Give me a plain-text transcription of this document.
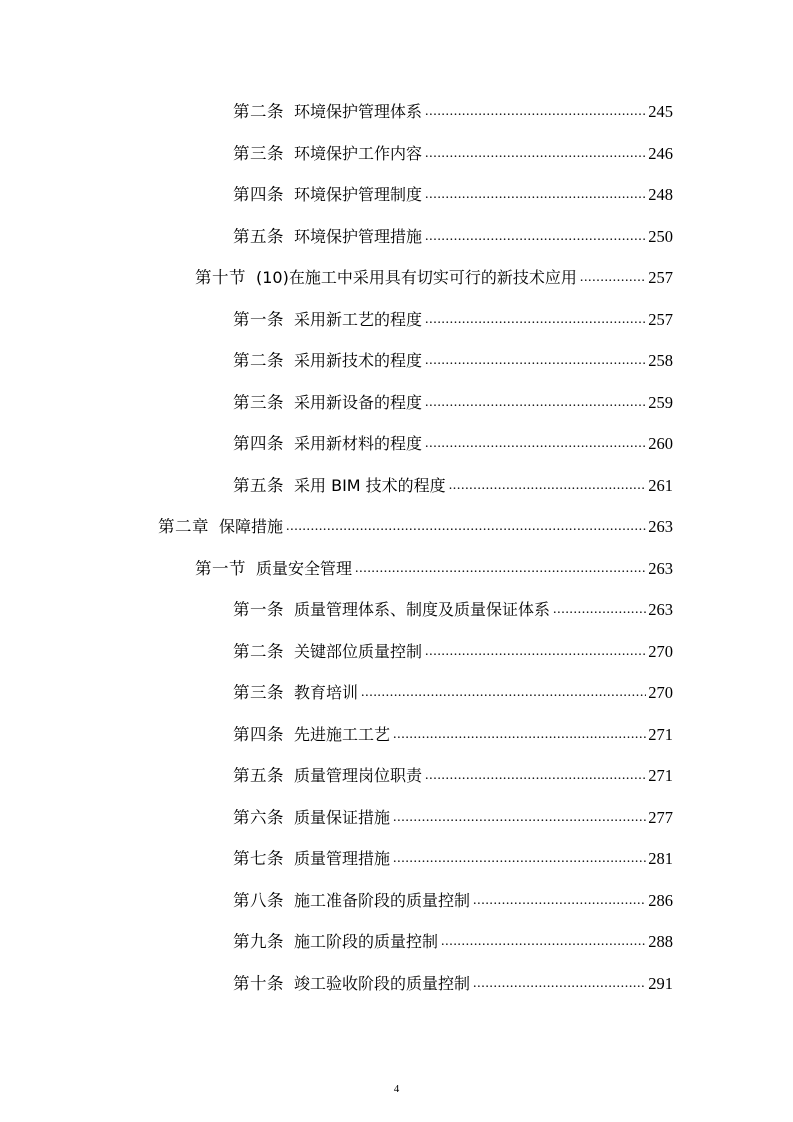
第二条 环境保护管理体系 .....	245
第三条 环境保护工作内容 .....	246
第四条 环境保护管理制度 .....	248
第五条 环境保护管理措施 .....	250
第十节 (10)在施工中采用具有切实可行的新技术应用 .....	257
第一条 采用新工艺的程度 .....	257
第二条 采用新技术的程度 .....	258
第三条 采用新设备的程度 .....	259
第四条 采用新材料的程度 .....	260
第五条 采用 BIM 技术的程度 .....	261
第二章 保障措施 .....	263
第一节 质量安全管理 .....	263
第一条 质量管理体系、制度及质量保证体系 .....	263
第二条 关键部位质量控制 .....	270
第三条 教育培训 .....	270
第四条 先进施工工艺 .....	271
第五条 质量管理岗位职责 .....	271
第六条 质量保证措施 .....	277
第七条 质量管理措施 .....	281
第八条 施工准备阶段的质量控制 .....	286
第九条 施工阶段的质量控制 .....	288
第十条 竣工验收阶段的质量控制 .....	291
4
